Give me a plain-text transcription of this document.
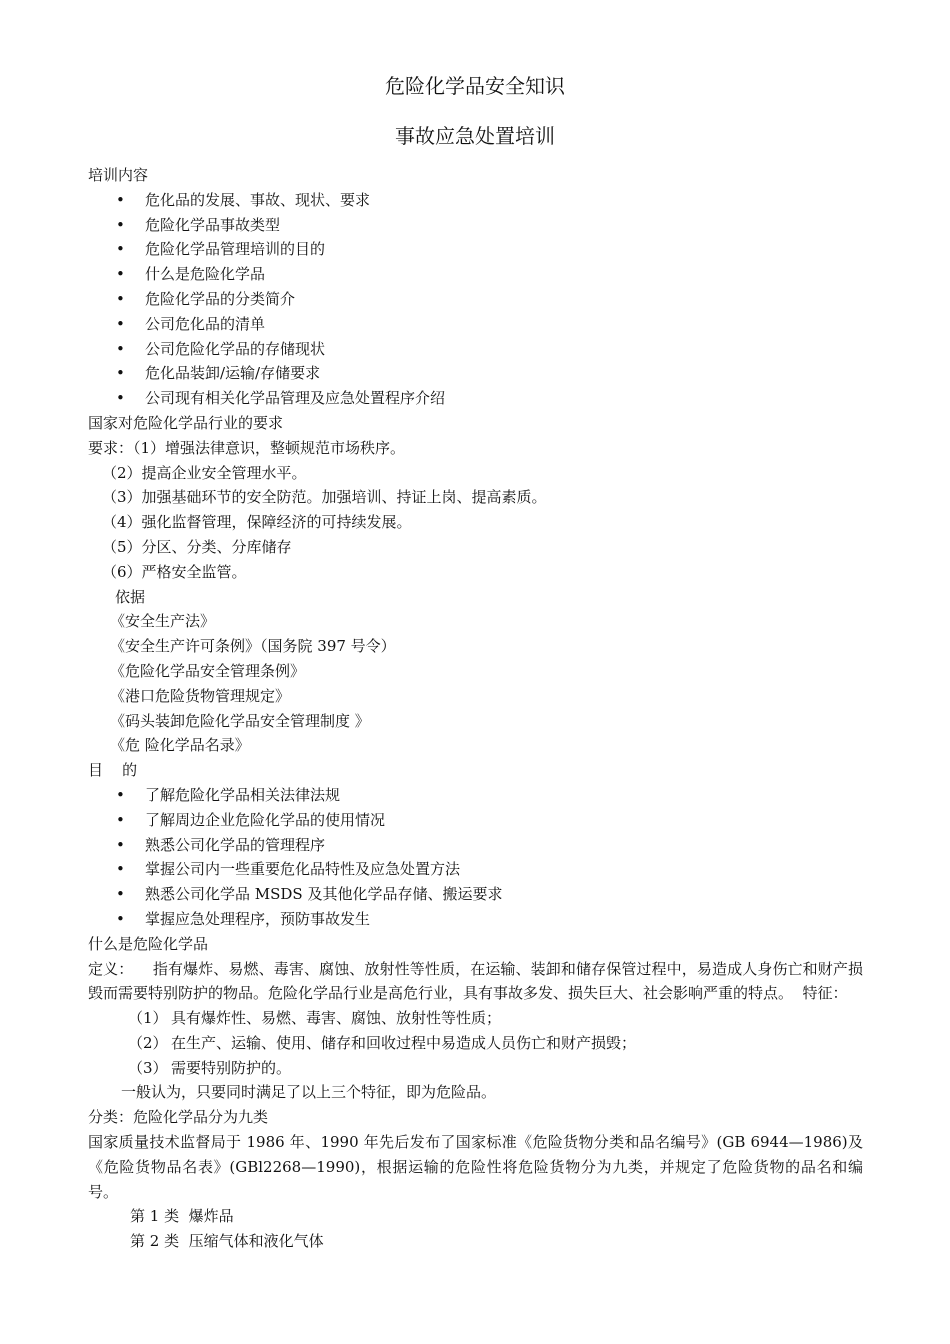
危险化学品安全知识
事故应急处置培训
培训内容
• 危化品的发展、事故、现状、要求
• 危险化学品事故类型
• 危险化学品管理培训的目的
• 什么是危险化学品
• 危险化学品的分类简介
• 公司危化品的清单
• 公司危险化学品的存储现状
• 危化品装卸/运输/存储要求
• 公司现有相关化学品管理及应急处置程序介绍
国家对危险化学品行业的要求
要求：（1）增强法律意识，整顿规范市场秩序。
（2）提高企业安全管理水平。
（3）加强基础环节的安全防范。加强培训、持证上岗、提高素质。
（4）强化监督管理，保障经济的可持续发展。
（5）分区、分类、分库储存
（6）严格安全监管。
依据
《安全生产法》
《安全生产许可条例》（国务院 397 号令）
《危险化学品安全管理条例》
《港口危险货物管理规定》
《码头装卸危险化学品安全管理制度 》
《危 险化学品名录》
目    的
• 了解危险化学品相关法律法规
• 了解周边企业危险化学品的使用情况
• 熟悉公司化学品的管理程序
• 掌握公司内一些重要危化品特性及应急处置方法
• 熟悉公司化学品 MSDS 及其他化学品存储、搬运要求
• 掌握应急处理程序，预防事故发生
什么是危险化学品
定义：    指有爆炸、易燃、毒害、腐蚀、放射性等性质，在运输、装卸和储存保管过程中，易造成人身伤亡和财产损毁而需要特别防护的物品。危险化学品行业是高危行业，具有事故多发、损失巨大、社会影响严重的特点。  特征：
（1） 具有爆炸性、易燃、毒害、腐蚀、放射性等性质；
（2） 在生产、运输、使用、储存和回收过程中易造成人员伤亡和财产损毁；
（3） 需要特别防护的。
一般认为，只要同时满足了以上三个特征，即为危险品。
分类：危险化学品分为九类
国家质量技术监督局于 1986 年、1990 年先后发布了国家标准《危险货物分类和品名编号》(GB 6944—1986)及《危险货物品名表》(GBl2268—1990)，根据运输的危险性将危险货物分为九类，并规定了危险货物的品名和编号。
第 1 类  爆炸品
第 2 类  压缩气体和液化气体
